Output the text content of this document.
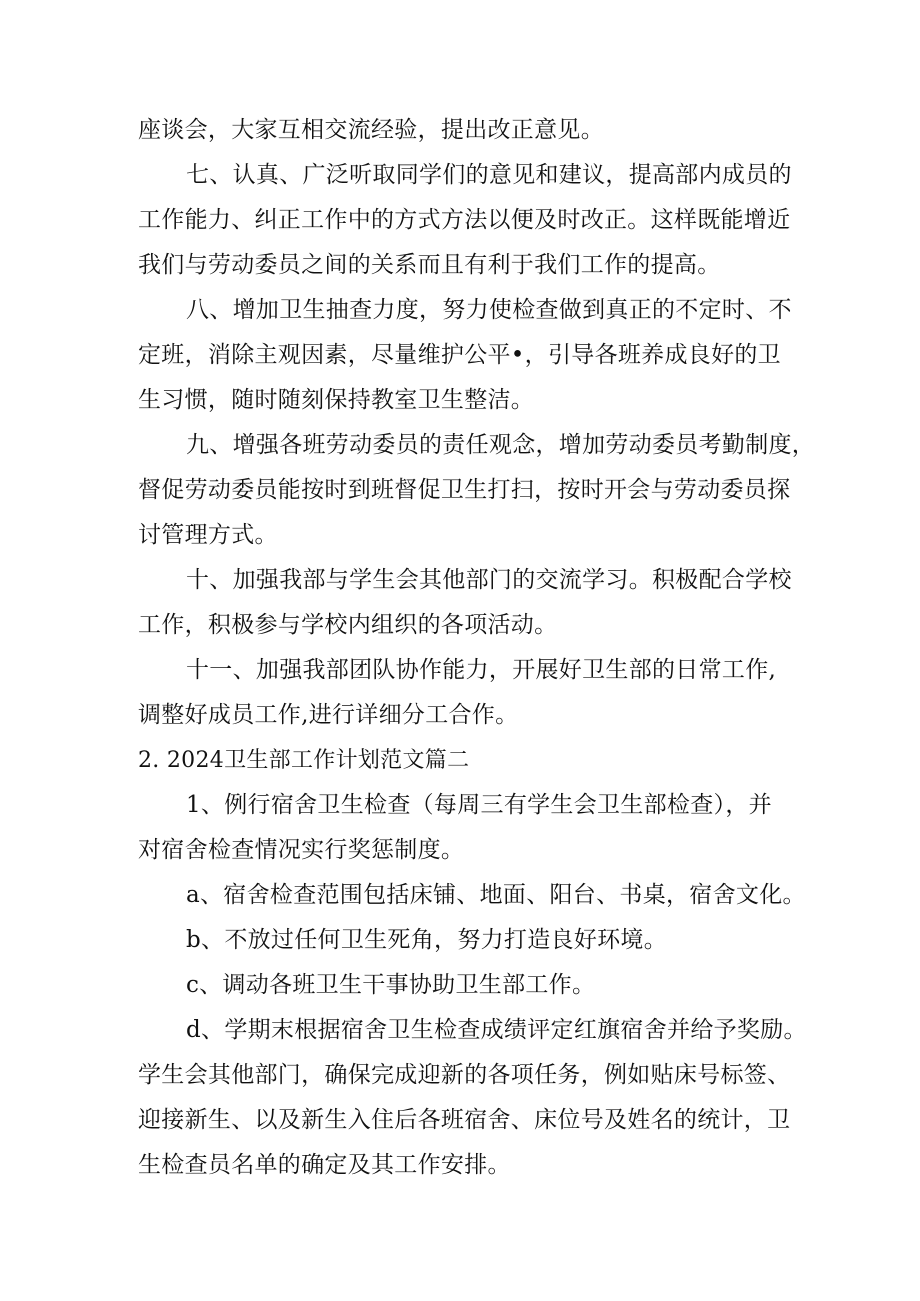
座谈会，大家互相交流经验，提出改正意见。
七、认真、广泛听取同学们的意见和建议，提高部内成员的
工作能力、纠正工作中的方式方法以便及时改正。这样既能增近
我们与劳动委员之间的关系而且有利于我们工作的提高。
八、增加卫生抽查力度，努力使检查做到真正的不定时、不
定班，消除主观因素，尽量维护公平•，引导各班养成良好的卫
生习惯，随时随刻保持教室卫生整洁。
九、增强各班劳动委员的责任观念，增加劳动委员考勤制度，
督促劳动委员能按时到班督促卫生打扫，按时开会与劳动委员探
讨管理方式。
十、加强我部与学生会其他部门的交流学习。积极配合学校
工作，积极参与学校内组织的各项活动。
十一、加强我部团队协作能力，开展好卫生部的日常工作,
调整好成员工作,进行详细分工合作。
2. 2024卫生部工作计划范文篇二
1、例行宿舍卫生检查（每周三有学生会卫生部检查），并
对宿舍检查情况实行奖惩制度。
a、宿舍检查范围包括床铺、地面、阳台、书桌，宿舍文化。
b、不放过任何卫生死角，努力打造良好环境。
c、调动各班卫生干事协助卫生部工作。
d、学期末根据宿舍卫生检查成绩评定红旗宿舍并给予奖励。
学生会其他部门，确保完成迎新的各项任务，例如贴床号标签、
迎接新生、以及新生入住后各班宿舍、床位号及姓名的统计，卫
生检查员名单的确定及其工作安排。
